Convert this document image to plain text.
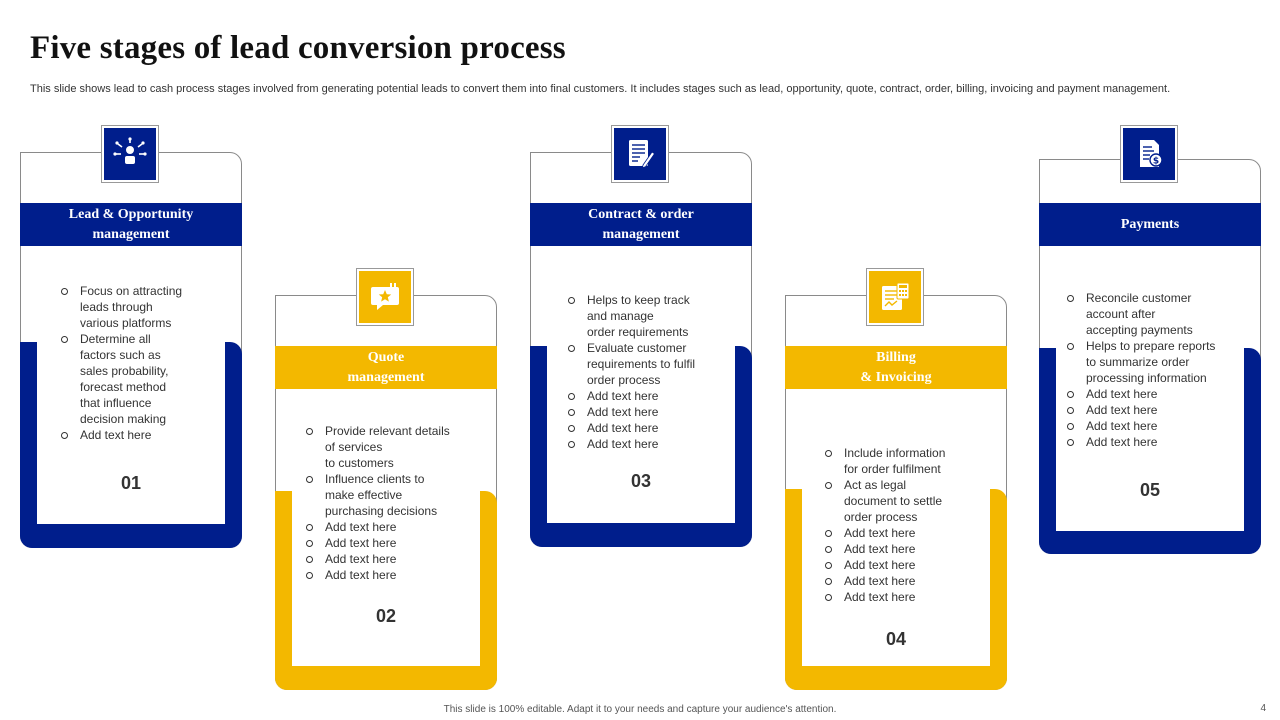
Five stages of lead conversion process

This slide shows lead to cash process stages involved from generating potential leads to convert them into final customers. It includes stages such as lead, opportunity, quote, contract, order, billing, invoicing and payment management.

Lead & Opportunity
management
Focus on attracting
leads through
various platforms
Determine all
factors such as
sales probability,
forecast method
that influence
decision making
Add text here
01
Quote
management
Provide relevant details
of services
to customers
Influence clients to
make effective
purchasing decisions
Add text here
Add text here
Add text here
Add text here
02
Contract & order
management
Helps to keep track
and manage
order requirements
Evaluate customer
requirements to fulfil
order process
Add text here
Add text here
Add text here
Add text here
03
Billing
& Invoicing
Include information
for order fulfilment
Act as legal
document to settle
order process
Add text here
Add text here
Add text here
Add text here
Add text here
04
Payments
$
Reconcile customer
account after
accepting payments
Helps to prepare reports
to summarize order
processing information
Add text here
Add text here
Add text here
Add text here
05

This slide is 100% editable. Adapt it to your needs and capture your audience's attention.	4
